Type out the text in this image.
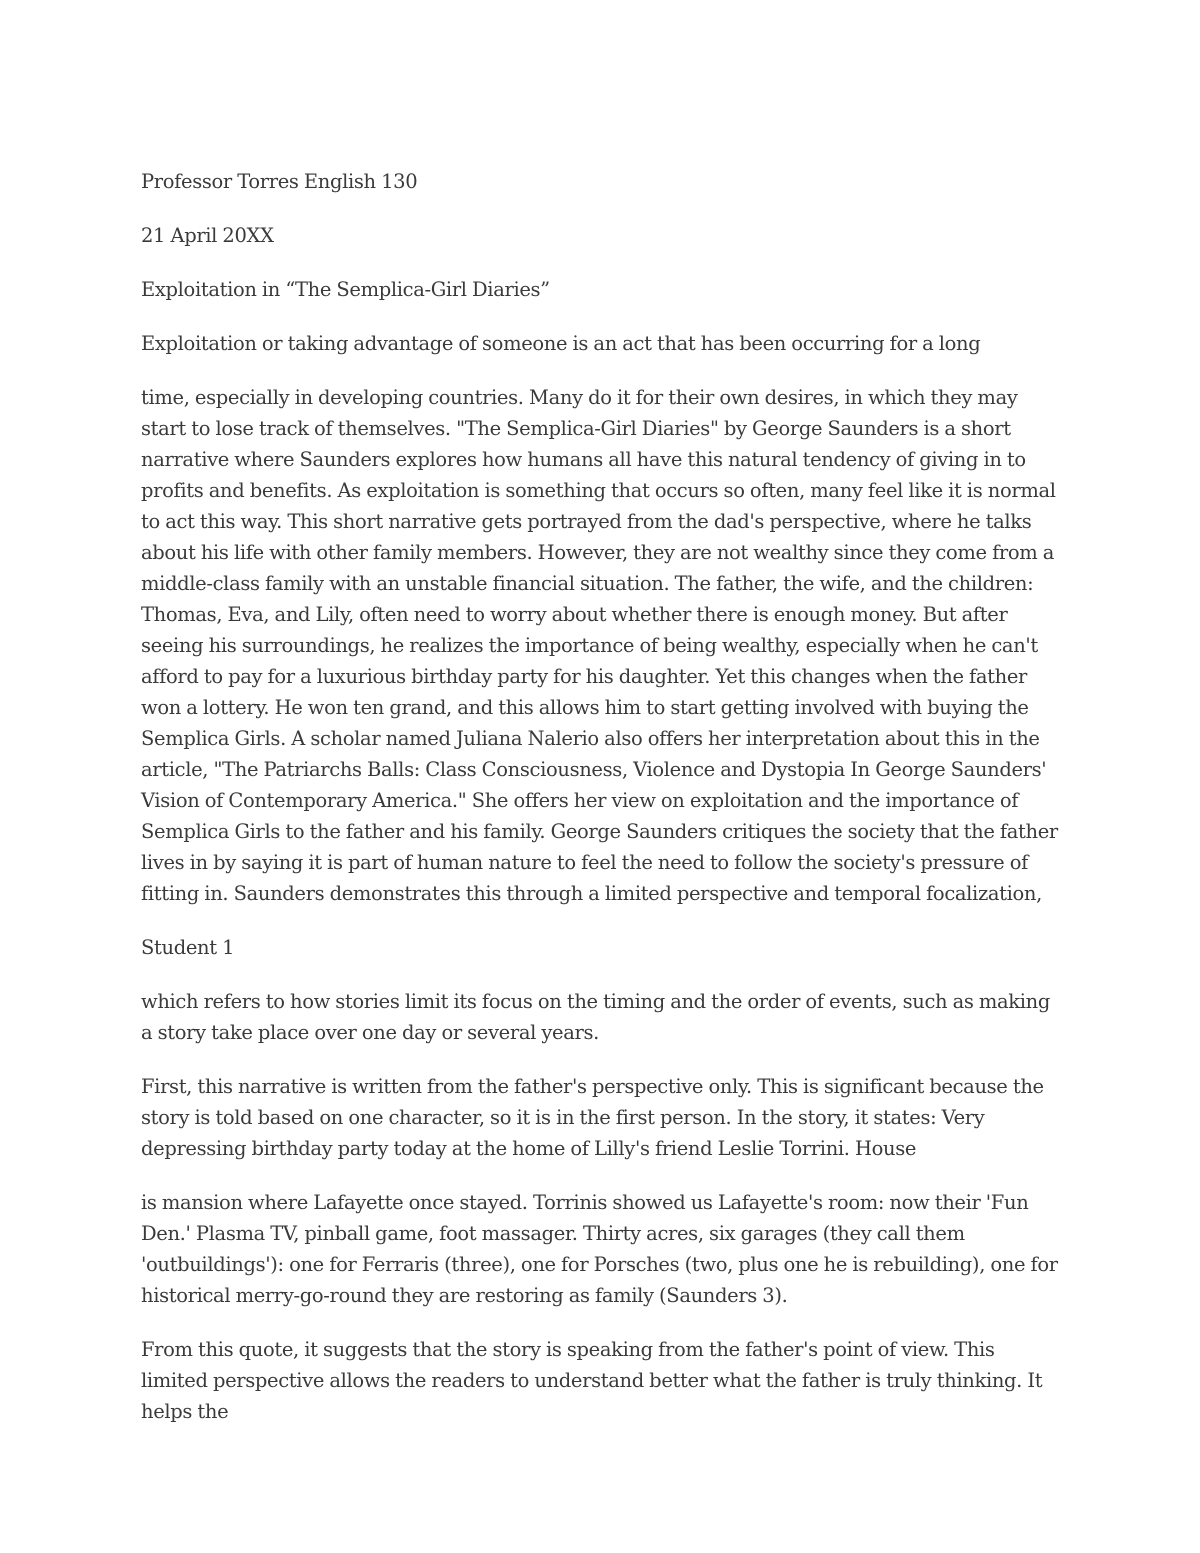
Professor Torres English 130

21 April 20XX

Exploitation in “The Semplica-Girl Diaries”

Exploitation or taking advantage of someone is an act that has been occurring for a long

time, especially in developing countries. Many do it for their own desires, in which they may start to lose track of themselves. "The Semplica-Girl Diaries" by George Saunders is a short narrative where Saunders explores how humans all have this natural tendency of giving in to profits and benefits. As exploitation is something that occurs so often, many feel like it is normal to act this way. This short narrative gets portrayed from the dad's perspective, where he talks about his life with other family members. However, they are not wealthy since they come from a middle-class family with an unstable financial situation. The father, the wife, and the children: Thomas, Eva, and Lily, often need to worry about whether there is enough money. But after seeing his surroundings, he realizes the importance of being wealthy, especially when he can't afford to pay for a luxurious birthday party for his daughter. Yet this changes when the father won a lottery. He won ten grand, and this allows him to start getting involved with buying the Semplica Girls. A scholar named Juliana Nalerio also offers her interpretation about this in the article, "The Patriarchs Balls: Class Consciousness, Violence and Dystopia In George Saunders' Vision of Contemporary America." She offers her view on exploitation and the importance of Semplica Girls to the father and his family. George Saunders critiques the society that the father lives in by saying it is part of human nature to feel the need to follow the society's pressure of fitting in. Saunders demonstrates this through a limited perspective and temporal focalization,

Student 1

which refers to how stories limit its focus on the timing and the order of events, such as making a story take place over one day or several years.

First, this narrative is written from the father's perspective only. This is significant because the story is told based on one character, so it is in the first person. In the story, it states: Very depressing birthday party today at the home of Lilly's friend Leslie Torrini. House

is mansion where Lafayette once stayed. Torrinis showed us Lafayette's room: now their 'Fun Den.' Plasma TV, pinball game, foot massager. Thirty acres, six garages (they call them 'outbuildings'): one for Ferraris (three), one for Porsches (two, plus one he is rebuilding), one for historical merry-go-round they are restoring as family (Saunders 3).

From this quote, it suggests that the story is speaking from the father's point of view. This limited perspective allows the readers to understand better what the father is truly thinking. It helps the
